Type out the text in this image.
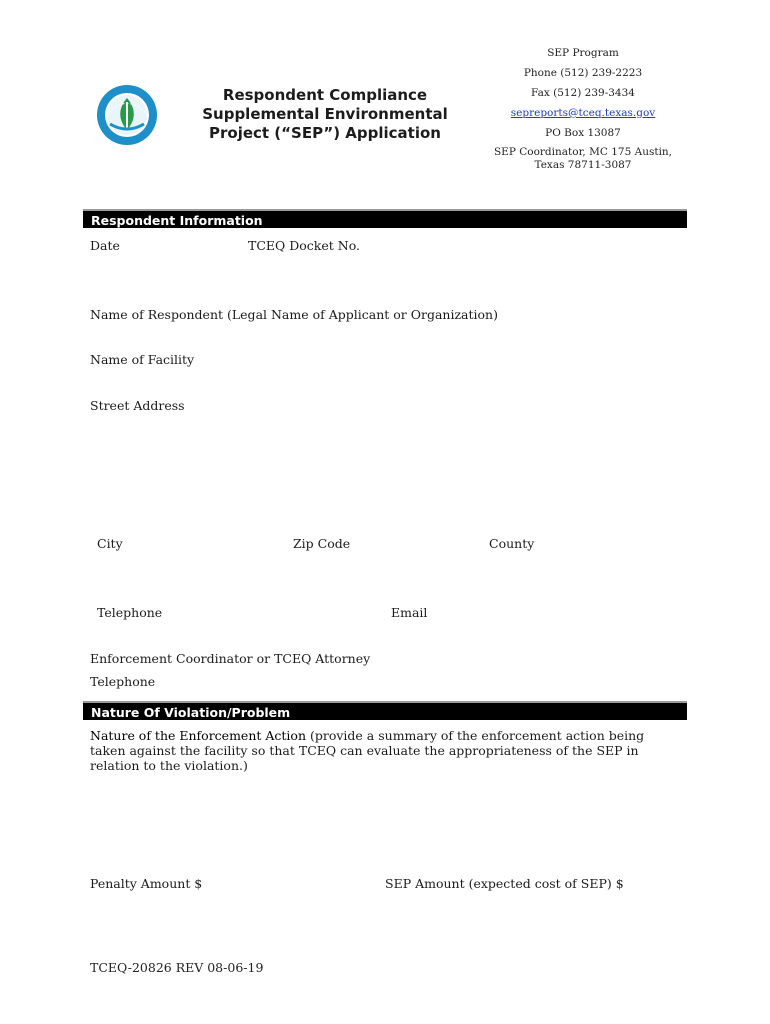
Respondent Compliance
Supplemental Environmental
Project (“SEP”) Application
SEP Program
Phone (512) 239-2223
Fax (512) 239-3434
sepreports@tceq.texas.gov
PO Box 13087
SEP Coordinator, MC 175 Austin,
Texas 78711-3087
Respondent Information
Date	TCEQ Docket No.
Name of Respondent (Legal Name of Applicant or Organization)
Name of Facility
Street Address
City	Zip Code	County
Telephone	Email
Enforcement Coordinator or TCEQ Attorney
Telephone
Nature Of Violation/Problem
Nature of the Enforcement Action (provide a summary of the enforcement action being taken against the facility so that TCEQ can evaluate the appropriateness of the SEP in relation to the violation.)
Penalty Amount $	SEP Amount (expected cost of SEP) $
TCEQ-20826 REV 08-06-19
